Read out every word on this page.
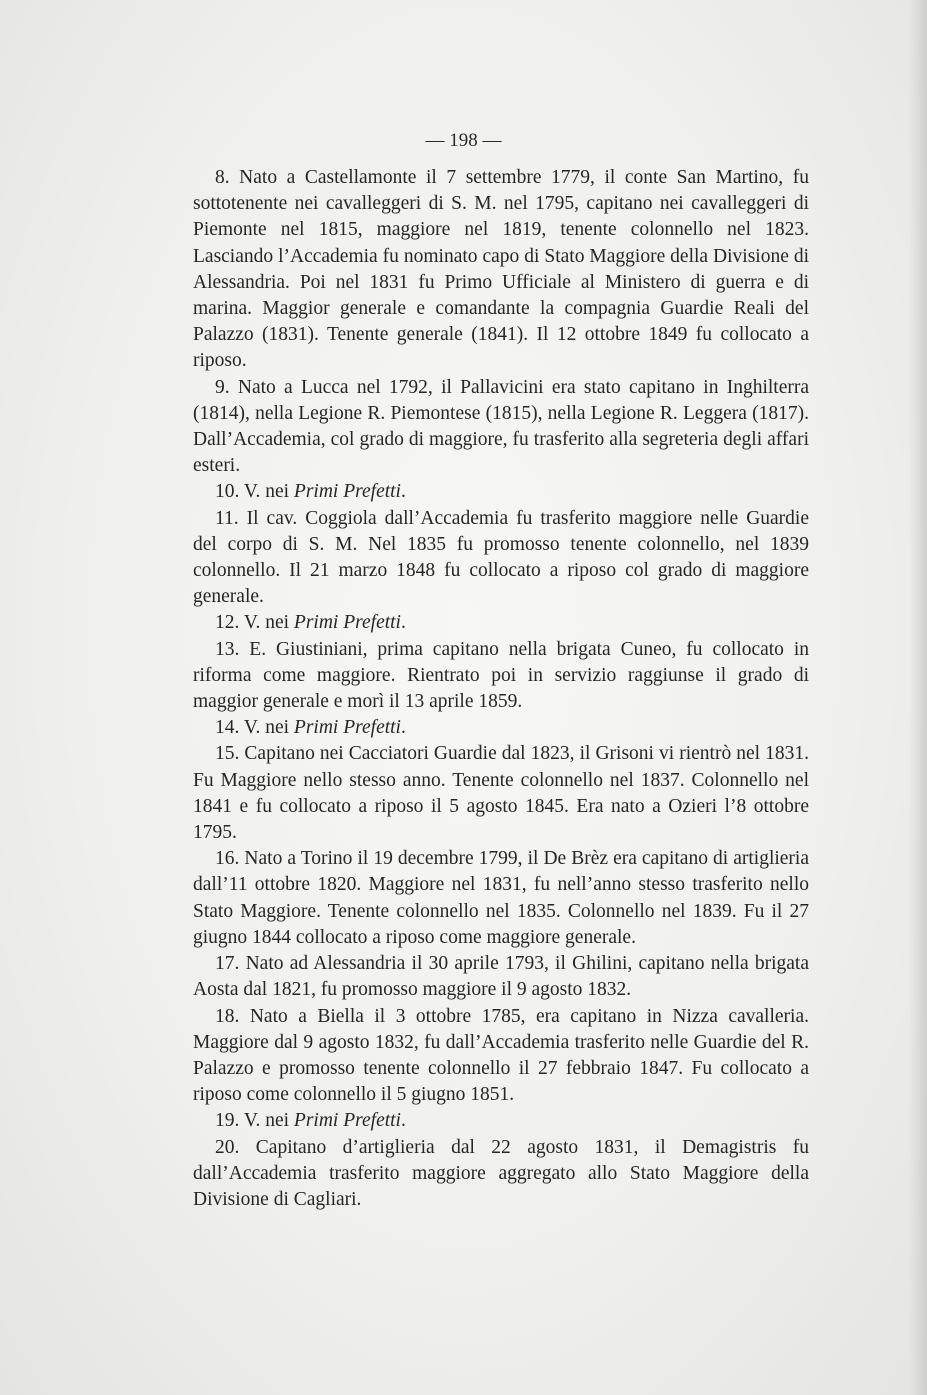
— 198 —

8. Nato a Castellamonte il 7 settembre 1779, il conte San Martino, fu sottotenente nei cavalleggeri di S. M. nel 1795, capitano nei cavalleggeri di Piemonte nel 1815, maggiore nel 1819, tenente colonnello nel 1823. Lasciando l’Accademia fu nominato capo di Stato Maggiore della Divisione di Alessandria. Poi nel 1831 fu Primo Ufficiale al Ministero di guerra e di marina. Maggior generale e comandante la compagnia Guardie Reali del Palazzo (1831). Tenente generale (1841). Il 12 ottobre 1849 fu collocato a riposo.

9. Nato a Lucca nel 1792, il Pallavicini era stato capitano in Inghilterra (1814), nella Legione R. Piemontese (1815), nella Legione R. Leggera (1817). Dall’Accademia, col grado di maggiore, fu trasferito alla segreteria degli affari esteri.

10. V. nei Primi Prefetti.

11. Il cav. Coggiola dall’Accademia fu trasferito maggiore nelle Guardie del corpo di S. M. Nel 1835 fu promosso tenente colonnello, nel 1839 colonnello. Il 21 marzo 1848 fu collocato a riposo col grado di maggiore generale.

12. V. nei Primi Prefetti.

13. E. Giustiniani, prima capitano nella brigata Cuneo, fu collocato in riforma come maggiore. Rientrato poi in servizio raggiunse il grado di maggior generale e morì il 13 aprile 1859.

14. V. nei Primi Prefetti.

15. Capitano nei Cacciatori Guardie dal 1823, il Grisoni vi rientrò nel 1831. Fu Maggiore nello stesso anno. Tenente colonnello nel 1837. Colonnello nel 1841 e fu collocato a riposo il 5 agosto 1845. Era nato a Ozieri l’8 ottobre 1795.

16. Nato a Torino il 19 decembre 1799, il De Brèz era capitano di artiglieria dall’11 ottobre 1820. Maggiore nel 1831, fu nell’anno stesso trasferito nello Stato Maggiore. Tenente colonnello nel 1835. Colonnello nel 1839. Fu il 27 giugno 1844 collocato a riposo come maggiore generale.

17. Nato ad Alessandria il 30 aprile 1793, il Ghilini, capitano nella brigata Aosta dal 1821, fu promosso maggiore il 9 agosto 1832.

18. Nato a Biella il 3 ottobre 1785, era capitano in Nizza cavalleria. Maggiore dal 9 agosto 1832, fu dall’Accademia trasferito nelle Guardie del R. Palazzo e promosso tenente colonnello il 27 febbraio 1847. Fu collocato a riposo come colonnello il 5 giugno 1851.

19. V. nei Primi Prefetti.

20. Capitano d’artiglieria dal 22 agosto 1831, il Demagistris fu dall’Accademia trasferito maggiore aggregato allo Stato Maggiore della Divisione di Cagliari.
